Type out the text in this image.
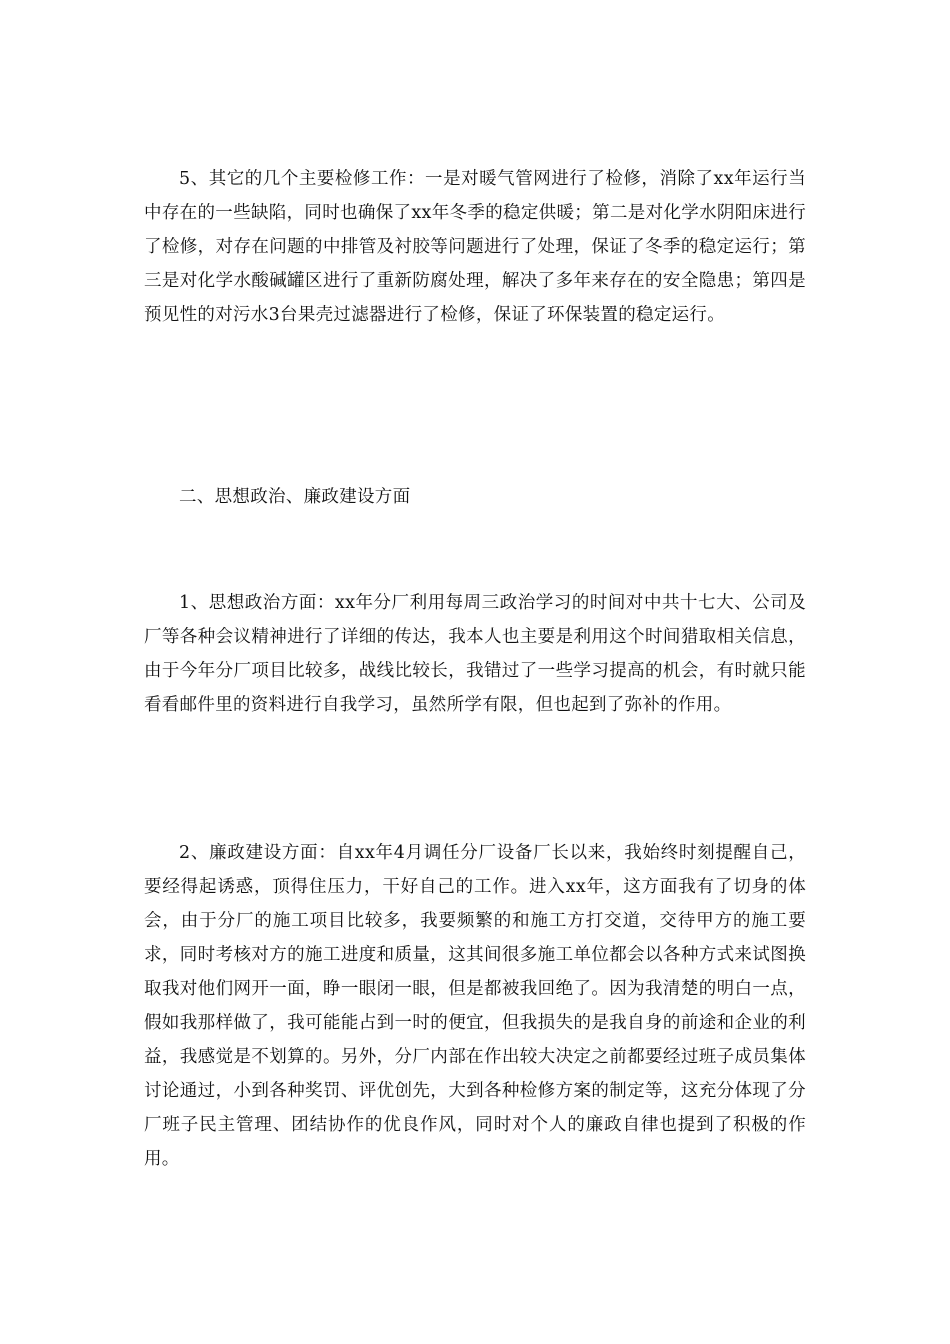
5、其它的几个主要检修工作：一是对暖气管网进行了检修，消除了xx年运行当中存在的一些缺陷，同时也确保了xx年冬季的稳定供暖；第二是对化学水阴阳床进行了检修，对存在问题的中排管及衬胶等问题进行了处理，保证了冬季的稳定运行；第三是对化学水酸碱罐区进行了重新防腐处理，解决了多年来存在的安全隐患；第四是预见性的对污水3台果壳过滤器进行了检修，保证了环保装置的稳定运行。

二、思想政治、廉政建设方面

1、思想政治方面：xx年分厂利用每周三政治学习的时间对中共十七大、公司及厂等各种会议精神进行了详细的传达，我本人也主要是利用这个时间猎取相关信息，由于今年分厂项目比较多，战线比较长，我错过了一些学习提高的机会，有时就只能看看邮件里的资料进行自我学习，虽然所学有限，但也起到了弥补的作用。

2、廉政建设方面：自xx年4月调任分厂设备厂长以来，我始终时刻提醒自己，要经得起诱惑，顶得住压力，干好自己的工作。进入xx年，这方面我有了切身的体会，由于分厂的施工项目比较多，我要频繁的和施工方打交道，交待甲方的施工要求，同时考核对方的施工进度和质量，这其间很多施工单位都会以各种方式来试图换取我对他们网开一面，睁一眼闭一眼，但是都被我回绝了。因为我清楚的明白一点，假如我那样做了，我可能能占到一时的便宜，但我损失的是我自身的前途和企业的利益，我感觉是不划算的。另外，分厂内部在作出较大决定之前都要经过班子成员集体讨论通过，小到各种奖罚、评优创先，大到各种检修方案的制定等，这充分体现了分厂班子民主管理、团结协作的优良作风，同时对个人的廉政自律也提到了积极的作用。
